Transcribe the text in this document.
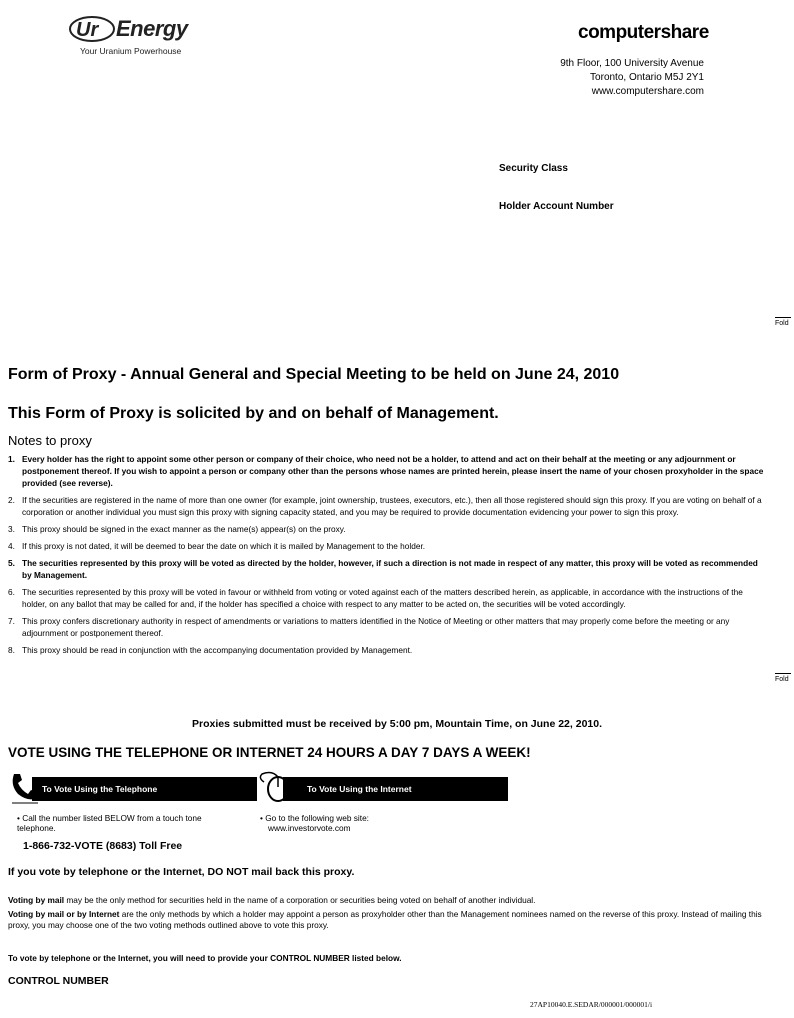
Ur Energy
Your Uranium Powerhouse
computershare
9th Floor, 100 University Avenue
Toronto, Ontario M5J 2Y1
www.computershare.com
Security Class
Holder Account Number
Fold
Fold
Form of Proxy - Annual General and Special Meeting to be held on June 24, 2010
This Form of Proxy is solicited by and on behalf of Management.
Notes to proxy
1. Every holder has the right to appoint some other person or company of their choice, who need not be a holder, to attend and act on their behalf at the meeting or any adjournment or postponement thereof. If you wish to appoint a person or company other than the persons whose names are printed herein, please insert the name of your chosen proxyholder in the space provided (see reverse).
2. If the securities are registered in the name of more than one owner (for example, joint ownership, trustees, executors, etc.), then all those registered should sign this proxy. If you are voting on behalf of a corporation or another individual you must sign this proxy with signing capacity stated, and you may be required to provide documentation evidencing your power to sign this proxy.
3. This proxy should be signed in the exact manner as the name(s) appear(s) on the proxy.
4. If this proxy is not dated, it will be deemed to bear the date on which it is mailed by Management to the holder.
5. The securities represented by this proxy will be voted as directed by the holder, however, if such a direction is not made in respect of any matter, this proxy will be voted as recommended by Management.
6. The securities represented by this proxy will be voted in favour or withheld from voting or voted against each of the matters described herein, as applicable, in accordance with the instructions of the holder, on any ballot that may be called for and, if the holder has specified a choice with respect to any matter to be acted on, the securities will be voted accordingly.
7. This proxy confers discretionary authority in respect of amendments or variations to matters identified in the Notice of Meeting or other matters that may properly come before the meeting or any adjournment or postponement thereof.
8. This proxy should be read in conjunction with the accompanying documentation provided by Management.
Proxies submitted must be received by 5:00 pm, Mountain Time, on June 22, 2010.
VOTE USING THE TELEPHONE OR INTERNET 24 HOURS A DAY 7 DAYS A WEEK!
To Vote Using the Telephone
• Call the number listed BELOW from a touch tone telephone.
1-866-732-VOTE (8683) Toll Free
To Vote Using the Internet
• Go to the following web site:
www.investorvote.com
If you vote by telephone or the Internet, DO NOT mail back this proxy.
Voting by mail may be the only method for securities held in the name of a corporation or securities being voted on behalf of another individual.
Voting by mail or by Internet are the only methods by which a holder may appoint a person as proxyholder other than the Management nominees named on the reverse of this proxy. Instead of mailing this proxy, you may choose one of the two voting methods outlined above to vote this proxy.
To vote by telephone or the Internet, you will need to provide your CONTROL NUMBER listed below.
CONTROL NUMBER
27AP10040.E.SEDAR/000001/000001/i
